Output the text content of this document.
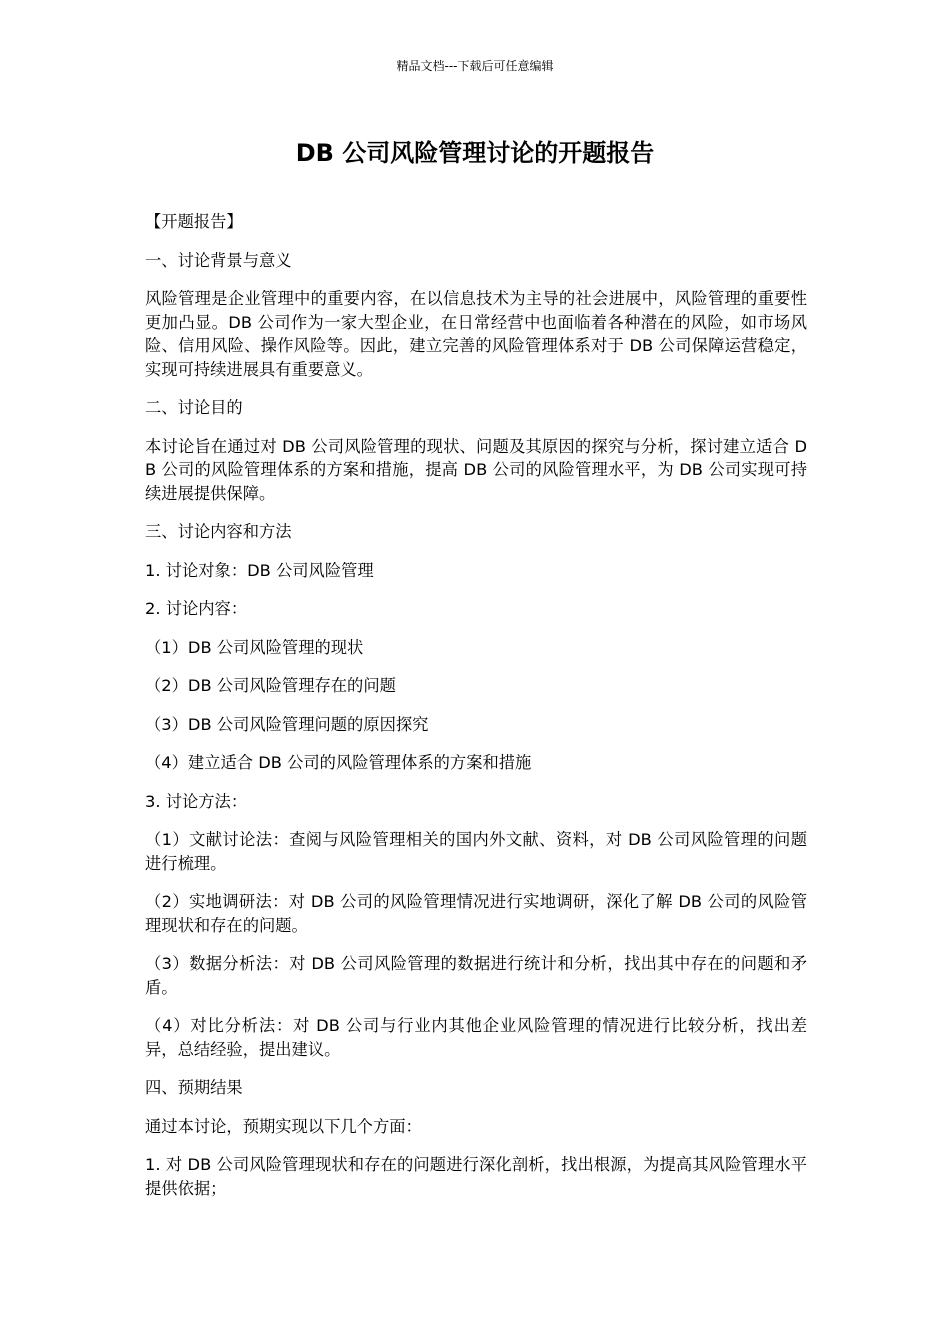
精品文档---下载后可任意编辑
DB 公司风险管理讨论的开题报告

【开题报告】

一、讨论背景与意义

风险管理是企业管理中的重要内容，在以信息技术为主导的社会进展中，风险管理的重要性更加凸显。DB 公司作为一家大型企业，在日常经营中也面临着各种潜在的风险，如市场风险、信用风险、操作风险等。因此，建立完善的风险管理体系对于 DB 公司保障运营稳定，实现可持续进展具有重要意义。

二、讨论目的

本讨论旨在通过对 DB 公司风险管理的现状、问题及其原因的探究与分析，探讨建立适合 DB 公司的风险管理体系的方案和措施，提高 DB 公司的风险管理水平，为 DB 公司实现可持续进展提供保障。

三、讨论内容和方法

1. 讨论对象：DB 公司风险管理

2. 讨论内容：

（1）DB 公司风险管理的现状

（2）DB 公司风险管理存在的问题

（3）DB 公司风险管理问题的原因探究

（4）建立适合 DB 公司的风险管理体系的方案和措施

3. 讨论方法：

（1）文献讨论法：查阅与风险管理相关的国内外文献、资料，对 DB 公司风险管理的问题进行梳理。

（2）实地调研法：对 DB 公司的风险管理情况进行实地调研，深化了解 DB 公司的风险管理现状和存在的问题。

（3）数据分析法：对 DB 公司风险管理的数据进行统计和分析，找出其中存在的问题和矛盾。

（4）对比分析法：对 DB 公司与行业内其他企业风险管理的情况进行比较分析，找出差异，总结经验，提出建议。

四、预期结果

通过本讨论，预期实现以下几个方面：

1. 对 DB 公司风险管理现状和存在的问题进行深化剖析，找出根源，为提高其风险管理水平提供依据；
